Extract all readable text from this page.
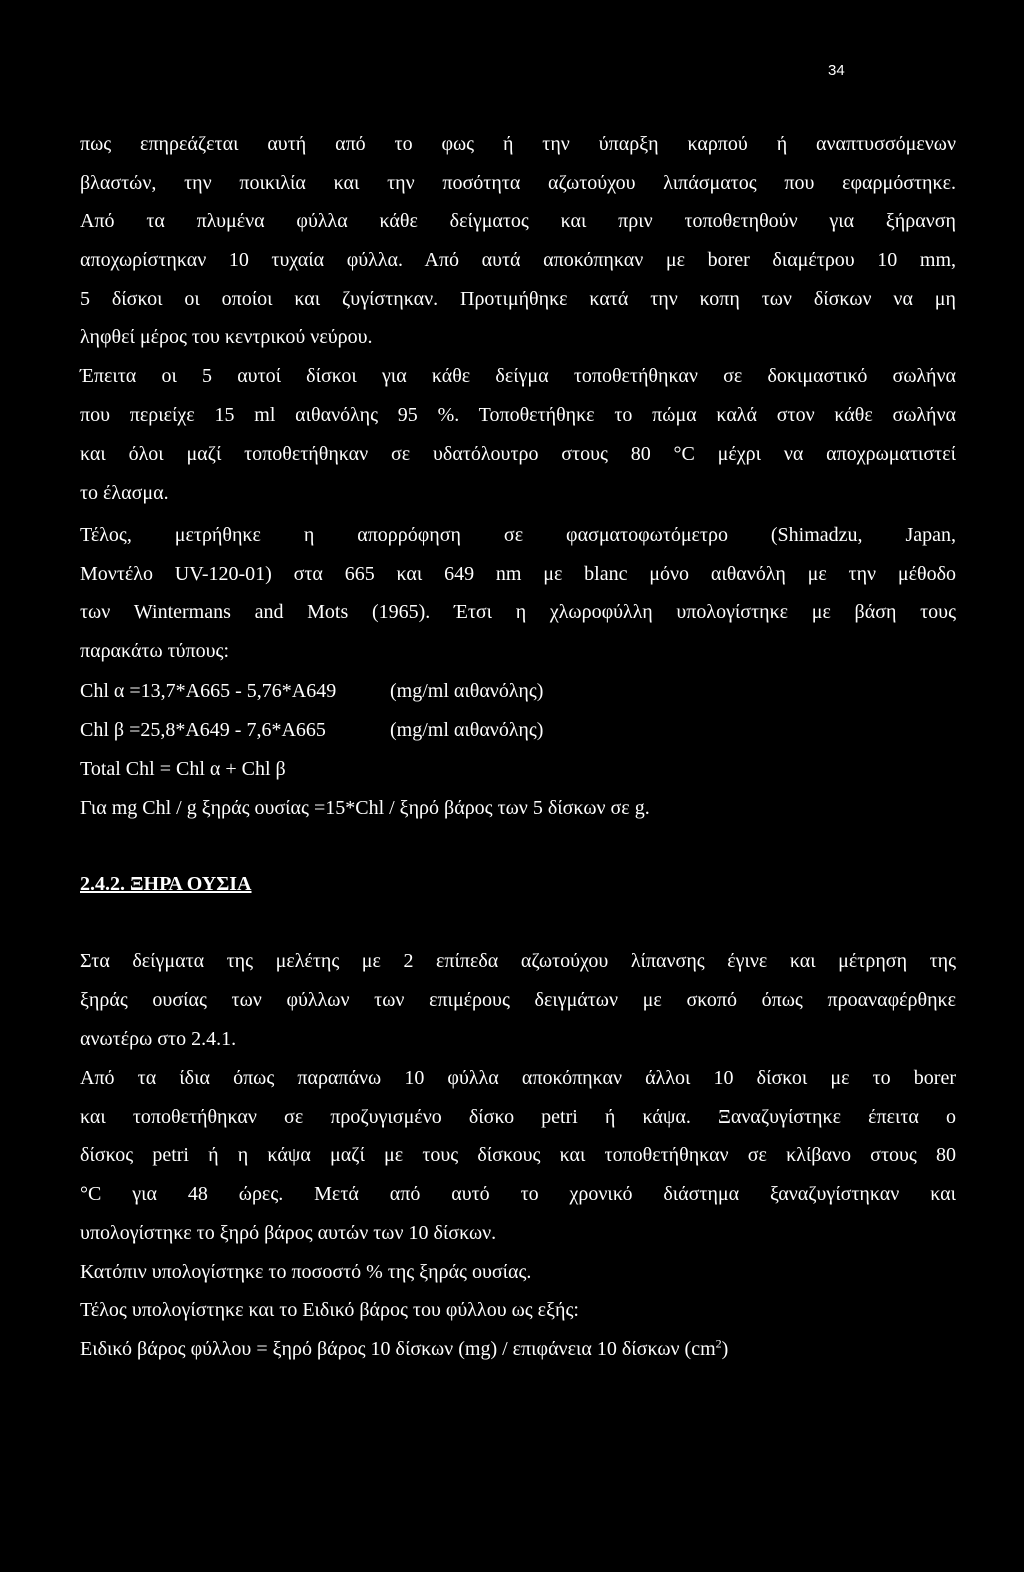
34
πως επηρεάζεται αυτή από το φως ή την ύπαρξη καρπού ή αναπτυσσόμενων
βλαστών, την ποικιλία και την ποσότητα αζωτούχου λιπάσματος που εφαρμόστηκε.
Από τα πλυμένα φύλλα κάθε δείγματος και πριν τοποθετηθούν για ξήρανση
αποχωρίστηκαν 10 τυχαία φύλλα. Από αυτά αποκόπηκαν με borer διαμέτρου 10 mm,
5 δίσκοι οι οποίοι και ζυγίστηκαν. Προτιμήθηκε κατά την κοπη των δίσκων να μη
ληφθεί μέρος του κεντρικού νεύρου.
Έπειτα οι 5 αυτοί δίσκοι για κάθε δείγμα τοποθετήθηκαν σε δοκιμαστικό σωλήνα
που περιείχε 15 ml αιθανόλης 95 %. Τοποθετήθηκε το πώμα καλά στον κάθε σωλήνα
και όλοι μαζί τοποθετήθηκαν σε υδατόλουτρο στους 80 °C μέχρι να αποχρωματιστεί
το έλασμα.
Τέλος, μετρήθηκε η απορρόφηση σε φασματοφωτόμετρο (Shimadzu, Japan,
Μοντέλο UV-120-01) στα 665 και 649 nm με blanc μόνο αιθανόλη με την μέθοδο
των Wintermans and Mots (1965). Έτσι η χλωροφύλλη υπολογίστηκε με βάση τους
παρακάτω τύπους:
Chl α =13,7*A665 - 5,76*A649	(mg/ml αιθανόλης)
Chl β =25,8*A649 - 7,6*A665	(mg/ml αιθανόλης)
Total Chl = Chl α + Chl β
Για mg Chl / g ξηράς ουσίας =15*Chl / ξηρό βάρος των 5 δίσκων σε g.
2.4.2. ΞΗΡΑ ΟΥΣΙΑ
Στα δείγματα της μελέτης με 2 επίπεδα αζωτούχου λίπανσης έγινε και μέτρηση της
ξηράς ουσίας των φύλλων των επιμέρους δειγμάτων με σκοπό όπως προαναφέρθηκε
ανωτέρω στο 2.4.1.
Από τα ίδια όπως παραπάνω 10 φύλλα αποκόπηκαν άλλοι 10 δίσκοι με το borer
και τοποθετήθηκαν σε προζυγισμένο δίσκο petri ή κάψα. Ξαναζυγίστηκε έπειτα ο
δίσκος petri ή η κάψα μαζί με τους δίσκους και τοποθετήθηκαν σε κλίβανο στους 80
°C για 48 ώρες. Μετά από αυτό το χρονικό διάστημα ξαναζυγίστηκαν και
υπολογίστηκε το ξηρό βάρος αυτών των 10 δίσκων.
Κατόπιν υπολογίστηκε το ποσοστό % της ξηράς ουσίας.
Τέλος υπολογίστηκε και το Ειδικό βάρος του φύλλου ως εξής:
Ειδικό βάρος φύλλου = ξηρό βάρος 10 δίσκων (mg) / επιφάνεια 10 δίσκων $(cm^2)$
